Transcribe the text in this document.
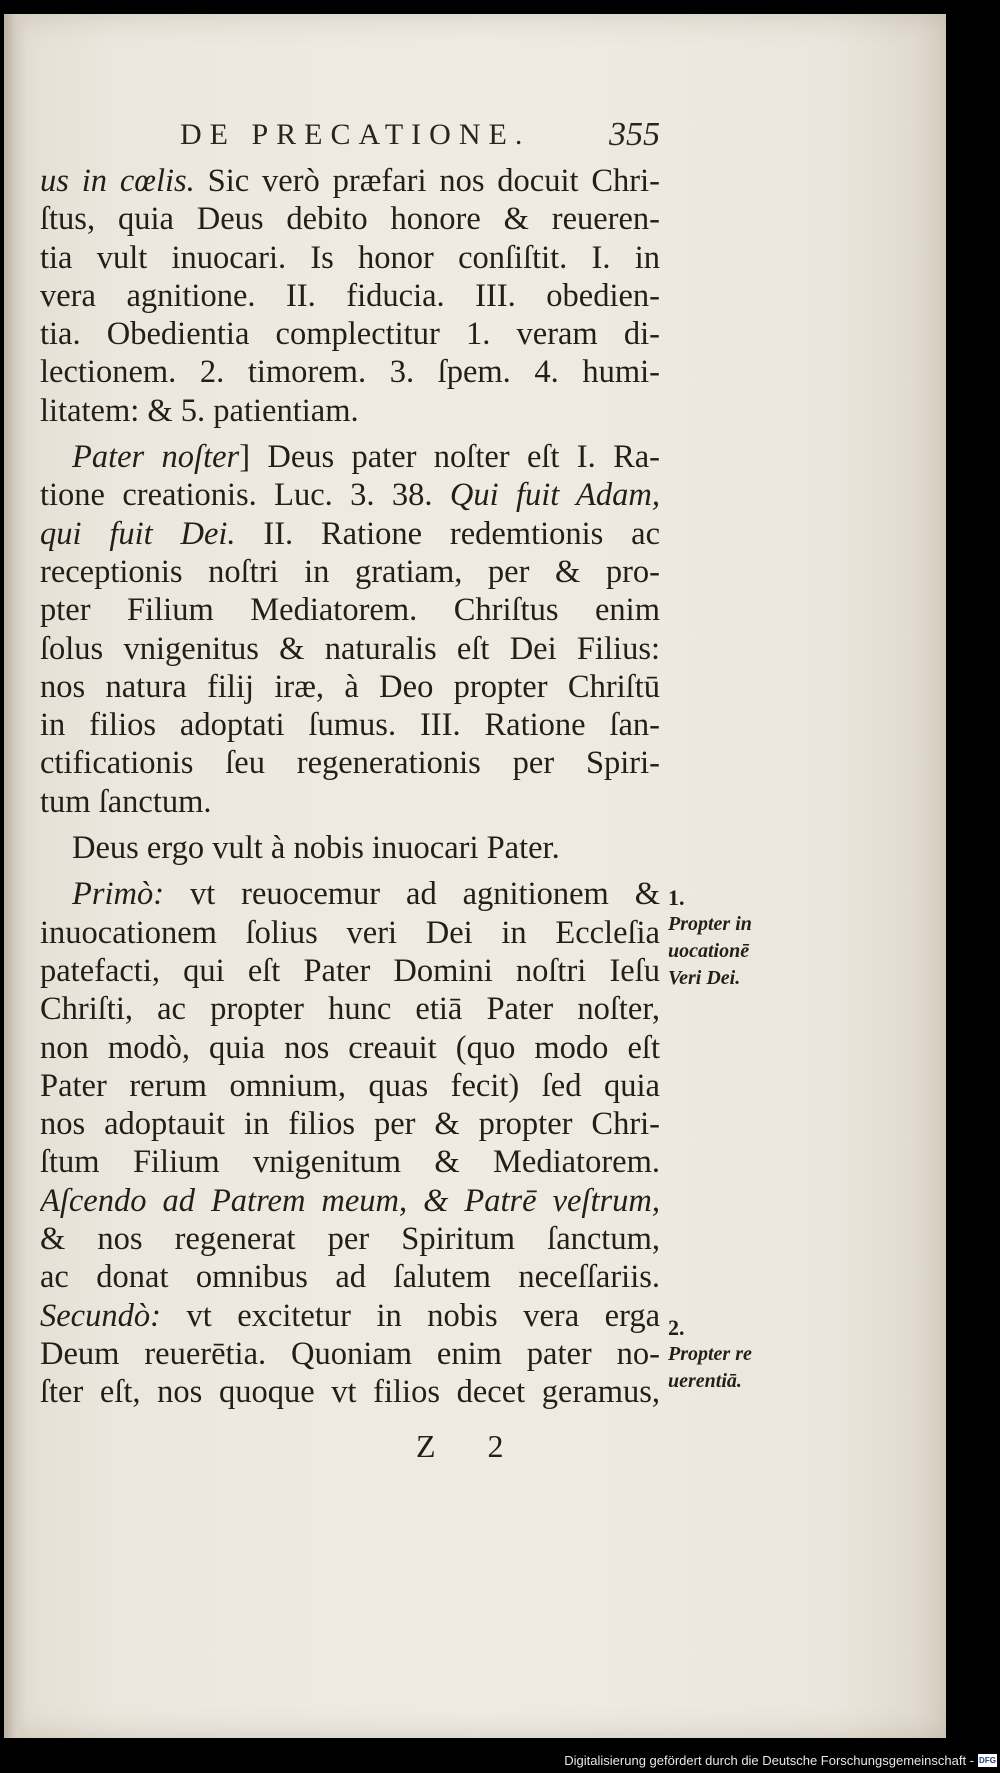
DE PRECATIONE.	355
us in cœlis. Sic verò præfari nos docuit Chri-
ſtus, quia Deus debito honore & reueren-
tia vult inuocari. Is honor conſiſtit. I. in
vera agnitione. II. fiducia. III. obedien-
tia. Obedientia complectitur 1. veram di-
lectionem. 2. timorem. 3. ſpem. 4. humi-
litatem: & 5. patientiam.
Pater noſter] Deus pater noſter eſt I. Ra-
tione creationis. Luc. 3. 38. Qui fuit Adam,
qui fuit Dei. II. Ratione redemtionis ac
receptionis noſtri in gratiam, per & pro-
pter Filium Mediatorem. Chriſtus enim
ſolus vnigenitus & naturalis eſt Dei Filius:
nos natura filij iræ, à Deo propter Chriſtū
in filios adoptati ſumus. III. Ratione ſan-
ctificationis ſeu regenerationis per Spiri-
tum ſanctum.
Deus ergo vult à nobis inuocari Pater.
Primò: vt reuocemur ad agnitionem &
inuocationem ſolius veri Dei in Eccleſia
patefacti, qui eſt Pater Domini noſtri Ieſu
Chriſti, ac propter hunc etiā Pater noſter,
non modò, quia nos creauit (quo modo eſt
Pater rerum omnium, quas fecit) ſed quia
nos adoptauit in filios per & propter Chri-
ſtum Filium vnigenitum & Mediatorem.
Aſcendo ad Patrem meum, & Patrē veſtrum,
& nos regenerat per Spiritum ſanctum,
ac donat omnibus ad ſalutem neceſſariis.
Secundò: vt excitetur in nobis vera erga
Deum reuerētia. Quoniam enim pater no-
ſter eſt, nos quoque vt filios decet geramus,
1.
Propter in
uocationē
Veri Dei.
2.
Propter re
uerentiā.
Z 2
Digitalisierung gefördert durch die Deutsche Forschungsgemeinschaft - DFG
